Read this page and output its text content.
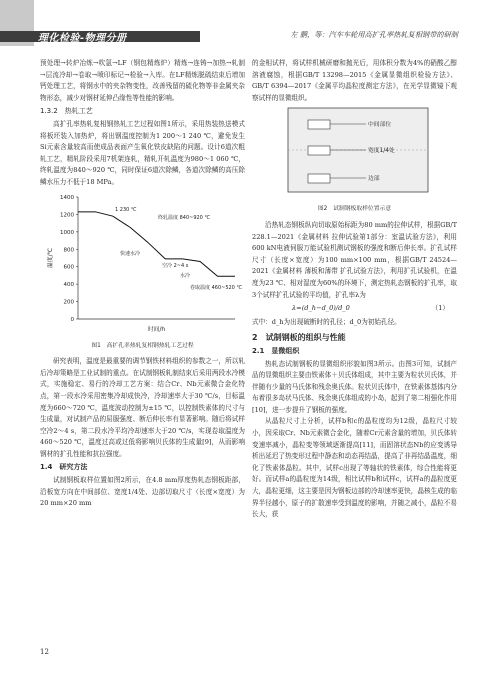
理化检验-物理分册	左 鹏，等：汽车车轮用高扩孔率热轧复相钢带的研制

预处理→转炉冶炼→吹氩→LF（钢包精炼炉）精炼→连铸→加热→轧制→层流冷却→卷取→喷印标记→检验→入库。在LF精炼脱硫结束后增加钙处理工艺，将钢水中的夹杂物变性，改善残留的硫化物等非金属夹杂物形态，减少对钢材延伸凸缘性等性能的影响。

1.3.2　热轧工艺

高扩孔率热轧复相钢热轧工艺过程如图1所示，采用热装热送模式将板坯装入加热炉，将出钢温度控制为1 200～1 240 ℃，避免发生Si元素含量较高而使成品表面产生氧化铁皮缺陷的问题。设计6道次粗轧工艺，精轧阶段采用7机架连轧，精轧开轧温度为980～1 060 ℃，终轧温度为840～920 ℃，同时保证6道次除鳞，各道次除鳞的高压除鳞水压力不低于18 MPa。

0
200
400
600
800
1000
1200
1400
温度/℃
时间/h
1 230 ℃
终轧温度 840~920 ℃
快速水冷
空冷 2~4 s
水冷
卷取温度 460~520 ℃
图1　高扩孔率热轧复相钢热轧工艺过程

研究表明，温度是最重要的调节钢铁材料组织的参数之一，所以轧后冷却策略是工业试制的重点。在试制钢板轧制结束后采用两段水冷模式，实施稳定、易行的冷却工艺方案：结合Cr、Nb元素微合金化特点，第一段水冷采用密集冷却成快冷，冷却速率大于30 ℃/s，目标温度为660～720 ℃，温度波动控制为±15 ℃，以控制铁素体的尺寸与生成量，对试制产品的屈服强度、断后伸长率有显著影响。随后将试样空冷2～4 s，第二段水冷平均冷却速率大于20 ℃/s，实现卷取温度为460～520 ℃，温度过高或过低将影响贝氏体的生成量[9]，从而影响钢材的扩孔性能和抗拉强度。

1.4　研究方法

试制钢板取样位置如图2所示，在4.8 mm厚度热轧态钢板距部，沿板宽方向在中间部位、宽度1/4处、边部切取尺寸（长度×宽度）为20 mm×20 mm

的金相试样，将试样机械研磨和抛光后，用体积分数为4%的硝酸乙醇溶液腐蚀，根据GB/T 13298—2015《金属显微组织检验方法》、GB/T 6394—2017《金属平均晶粒度测定方法》，在光学显微镜下观察试样的显微组织。

中间部位
宽度1/4处
边部
图2　试制钢板取样位置示意

沿热轧态钢板纵向切取原始标距为80 mm的拉伸试样，根据GB/T 228.1—2021《金属材料 拉伸试验第1部分：室温试验方法》，利用600 kN电液伺服万能试验机测试钢板的强度和断后伸长率。扩孔试样尺寸（长度×宽度）为100 mm×100 mm，根据GB/T 24524—2021《金属材料 薄板和薄带 扩孔试验方法》，利用扩孔试验机，在温度为23 ℃、相对湿度为60%的环境下，测定热轧态钢板的扩孔率，取3个试样扩孔试验的平均值，扩孔率λ为

λ=(d_h−d_0)/d_0	（1）

式中：d_h为出现破断时的孔径；d_0为初始孔径。

2　试制钢板的组织与性能
2.1　显微组织

热轧态试制钢板的显微组织形貌如图3所示。由图3可知，试制产品的显微组织主要由铁素体＋贝氏体组成，其中主要为粒状贝氏体，并伴随有少量的马氏体和残余奥氏体。粒状贝氏体中，在铁素体基体内分布着很多岛状马氏体、残余奥氏体组成的小岛，起到了第二相强化作用[10]，进一步提升了钢板的强度。

从晶粒尺寸上分析，试样b和c的晶粒度均为12级，晶粒尺寸较小，因采取Cr、Nb元素微合金化，随着Cr元素含量的增加，贝氏体转变速率减小，晶粒变等领域逐渐提高[11]，而固溶状态Nb的应变诱导析出延迟了热变形过程中静态和动态再结晶，提高了非再结晶温度，细化了铁素体晶粒。其中，试样c出现了等轴状的铁素体，综合性能将更好。而试样a的晶粒度为14级，相比试样b和试样c，试样a的晶粒度更大，晶粒更细，这主要是因为钢板边部的冷却速率更快，晶核生成的临界半径越小，原子的扩散速率受到温度的影响，并随之减小，晶粒不易长大，获

12
